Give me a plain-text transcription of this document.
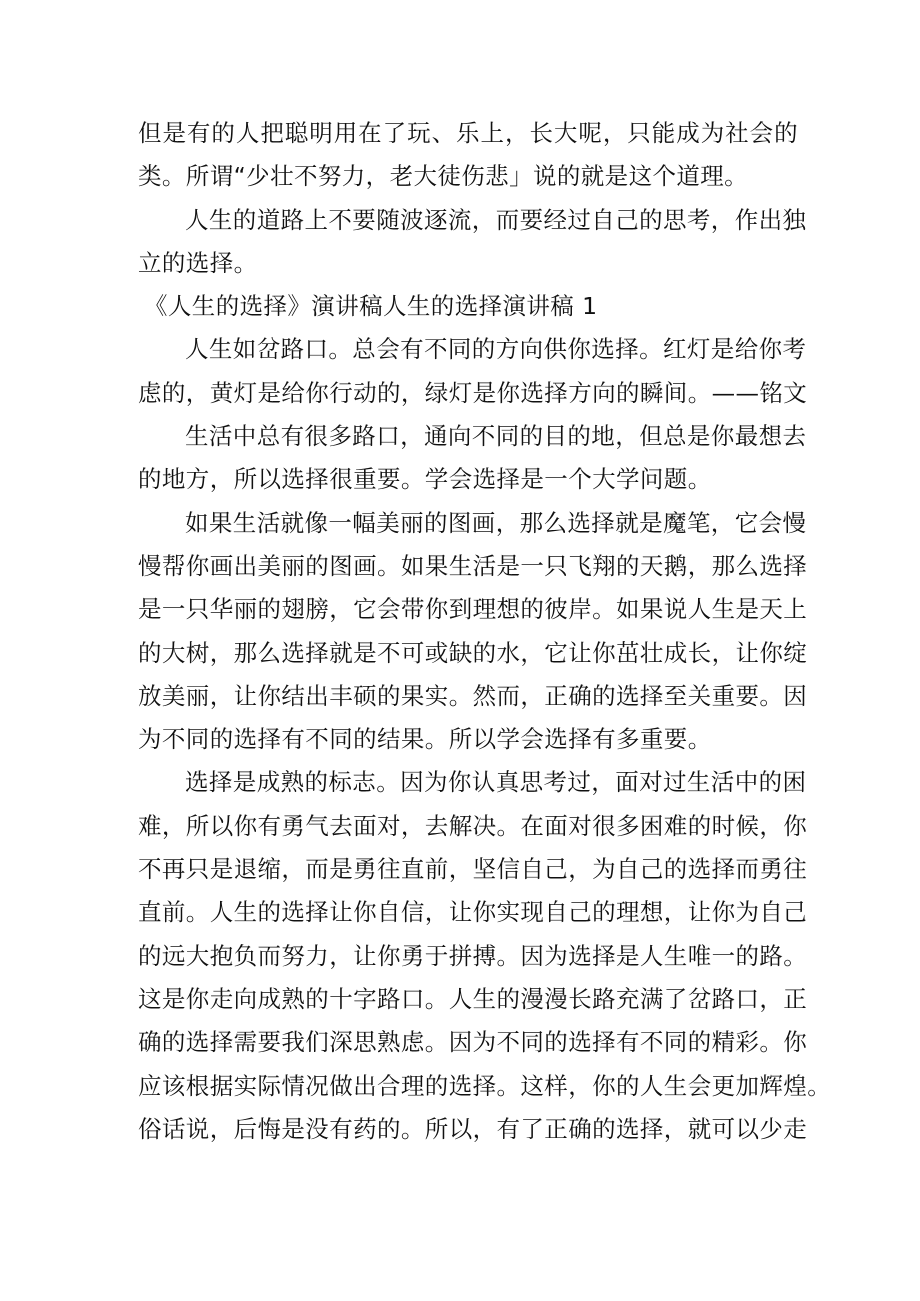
但是有的人把聪明用在了玩、乐上，长大呢，只能成为社会的
类。所谓“少壮不努力，老大徒伤悲」说的就是这个道理。
人生的道路上不要随波逐流，而要经过自己的思考，作出独
立的选择。
《人生的选择》演讲稿人生的选择演讲稿 1
人生如岔路口。总会有不同的方向供你选择。红灯是给你考
虑的，黄灯是给你行动的，绿灯是你选择方向的瞬间。——铭文
生活中总有很多路口，通向不同的目的地，但总是你最想去
的地方，所以选择很重要。学会选择是一个大学问题。
如果生活就像一幅美丽的图画，那么选择就是魔笔，它会慢
慢帮你画出美丽的图画。如果生活是一只飞翔的天鹅，那么选择
是一只华丽的翅膀，它会带你到理想的彼岸。如果说人生是天上
的大树，那么选择就是不可或缺的水，它让你茁壮成长，让你绽
放美丽，让你结出丰硕的果实。然而，正确的选择至关重要。因
为不同的选择有不同的结果。所以学会选择有多重要。
选择是成熟的标志。因为你认真思考过，面对过生活中的困
难，所以你有勇气去面对，去解决。在面对很多困难的时候，你
不再只是退缩，而是勇往直前，坚信自己，为自己的选择而勇往
直前。人生的选择让你自信，让你实现自己的理想，让你为自己
的远大抱负而努力，让你勇于拼搏。因为选择是人生唯一的路。
这是你走向成熟的十字路口。人生的漫漫长路充满了岔路口，正
确的选择需要我们深思熟虑。因为不同的选择有不同的精彩。你
应该根据实际情况做出合理的选择。这样，你的人生会更加辉煌。
俗话说，后悔是没有药的。所以，有了正确的选择，就可以少走
